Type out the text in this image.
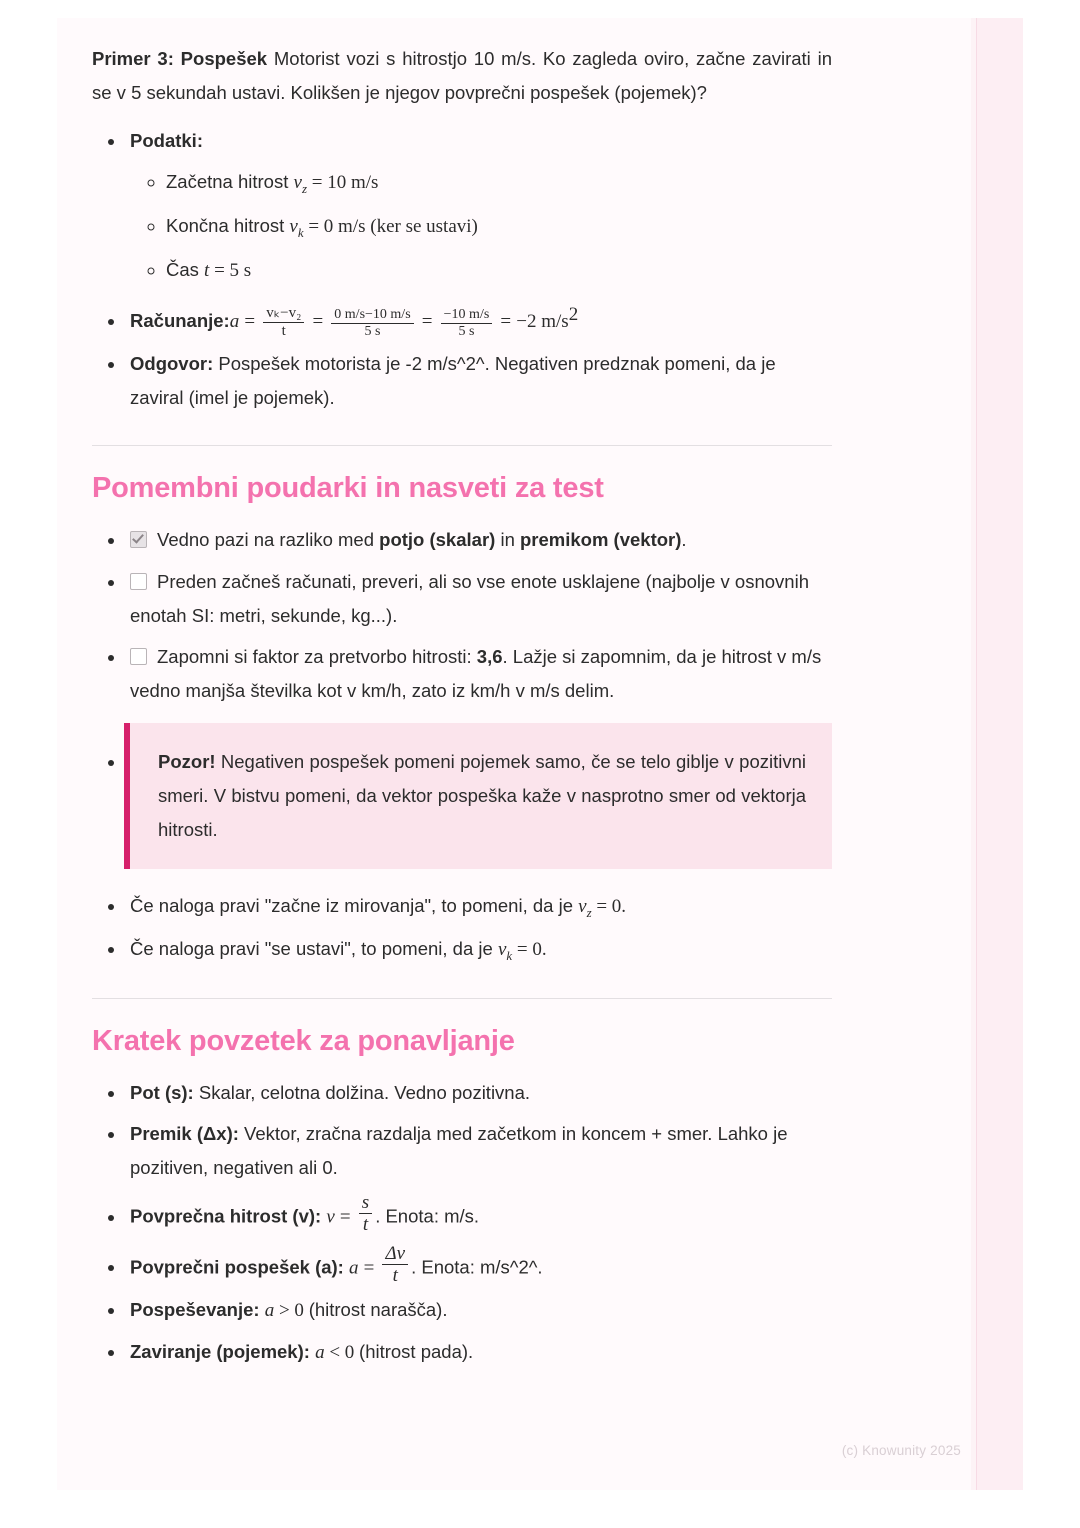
Primer 3: Pospešek Motorist vozi s hitrostjo 10 m/s. Ko zagleda oviro, začne zavirati in se v 5 sekundah ustavi. Kolikšen je njegov povprečni pospešek (pojemek)?

• Podatki:
◦ Začetna hitrost $v_z = 10$ m/s
◦ Končna hitrost $v_k = 0$ m/s (ker se ustavi)
◦ Čas t = 5 s
• Računanje:a = $\frac{\text{vₖ−v₂}}{t} = \frac{0 m/s-10 m/s}{5 s} = \frac{-10 m/s}{5 s} = -2$ $m/s^2$
• Odgovor: Pospešek motorista je -2 m/s^2^. Negativen predznak pomeni, da je zaviral (imel je pojemek).
Pomembni poudarki in nasveti za test
• Vedno pazi na razliko med potjo (skalar) in premikom (vektor).
• Preden začneš računati, preveri, ali so vse enote usklajene (najbolje v osnovnih enotah SI: metri, sekunde, kg...).
• Zapomni si faktor za pretvorbo hitrosti: 3,6. Lažje si zapomnim, da je hitrost v m/s vedno manjša številka kot v km/h, zato iz km/h v m/s delim.
• Pozor! Negativen pospešek pomeni pojemek samo, če se telo giblje v pozitivni smeri. V bistvu pomeni, da vektor pospeška kaže v nasprotno smer od vektorja hitrosti.
• Če naloga pravi "začne iz mirovanja", to pomeni, da je $v_z = 0$.
• Če naloga pravi "se ustavi", to pomeni, da je $v_k = 0$.
Kratek povzetek za ponavljanje
• Pot (s): Skalar, celotna dolžina. Vedno pozitivna.
• Premik (Δx): Vektor, zračna razdalja med začetkom in koncem + smer. Lahko je pozitiven, negativen ali 0.
• Povprečna hitrost (v): $v = \frac{s}{t}$ . Enota: m/s.
• Povprečni pospešek (a): $a = \frac{\Delta v}{t}$ . Enota: m/s^2^.
• Pospeševanje: a > 0 (hitrost narašča).
• Zaviranje (pojemek): a < 0 (hitrost pada).
(c) Knowunity 2025
